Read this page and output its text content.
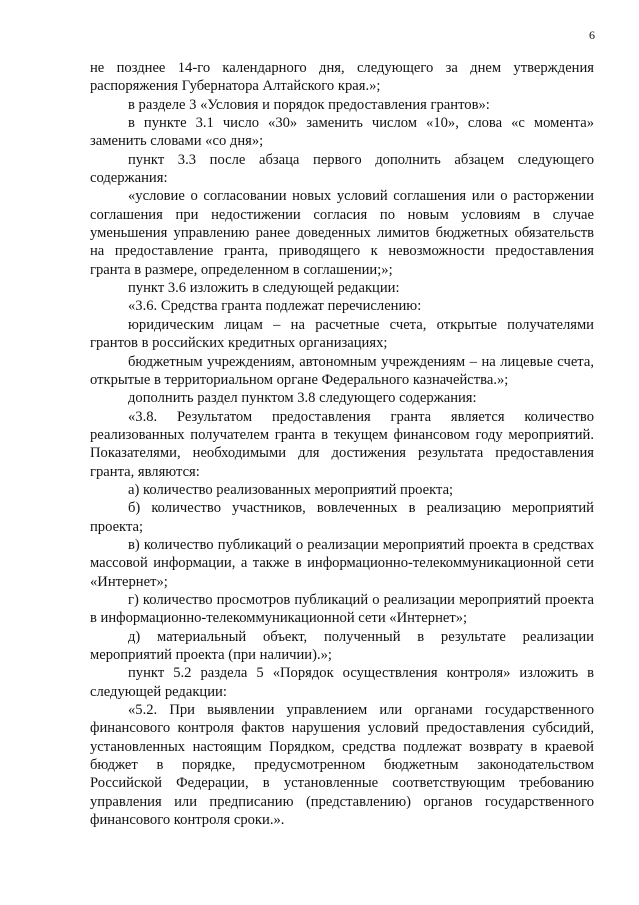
6

не позднее 14-го календарного дня, следующего за днем утверждения распоряжения Губернатора Алтайского края.»;

в разделе 3 «Условия и порядок предоставления грантов»:

в пункте 3.1 число «30» заменить числом «10», слова «с момента» заменить словами «со дня»;

пункт 3.3 после абзаца первого дополнить абзацем следующего содержания:

«условие о согласовании новых условий соглашения или о расторжении соглашения при недостижении согласия по новым условиям в случае уменьшения управлению ранее доведенных лимитов бюджетных обязательств на предоставление гранта, приводящего к невозможности предоставления гранта в размере, определенном в соглашении;»;

пункт 3.6 изложить в следующей редакции:

«3.6. Средства гранта подлежат перечислению:

юридическим лицам – на расчетные счета, открытые получателями грантов в российских кредитных организациях;

бюджетным учреждениям, автономным учреждениям – на лицевые счета, открытые в территориальном органе Федерального казначейства.»;

дополнить раздел пунктом 3.8 следующего содержания:

«3.8. Результатом предоставления гранта является количество реализованных получателем гранта в текущем финансовом году мероприятий. Показателями, необходимыми для достижения результата предоставления гранта, являются:

а) количество реализованных мероприятий проекта;

б) количество участников, вовлеченных в реализацию мероприятий проекта;

в) количество публикаций о реализации мероприятий проекта в средствах массовой информации, а также в информационно-телекоммуникационной сети «Интернет»;

г) количество просмотров публикаций о реализации мероприятий проекта в информационно-телекоммуникационной сети «Интернет»;

д) материальный объект, полученный в результате реализации мероприятий проекта (при наличии).»;

пункт 5.2 раздела 5 «Порядок осуществления контроля» изложить в следующей редакции:

«5.2. При выявлении управлением или органами государственного финансового контроля фактов нарушения условий предоставления субсидий, установленных настоящим Порядком, средства подлежат возврату в краевой бюджет в порядке, предусмотренном бюджетным законодательством Российской Федерации, в установленные соответствующим требованию управления или предписанию (представлению) органов государственного финансового контроля сроки.».
